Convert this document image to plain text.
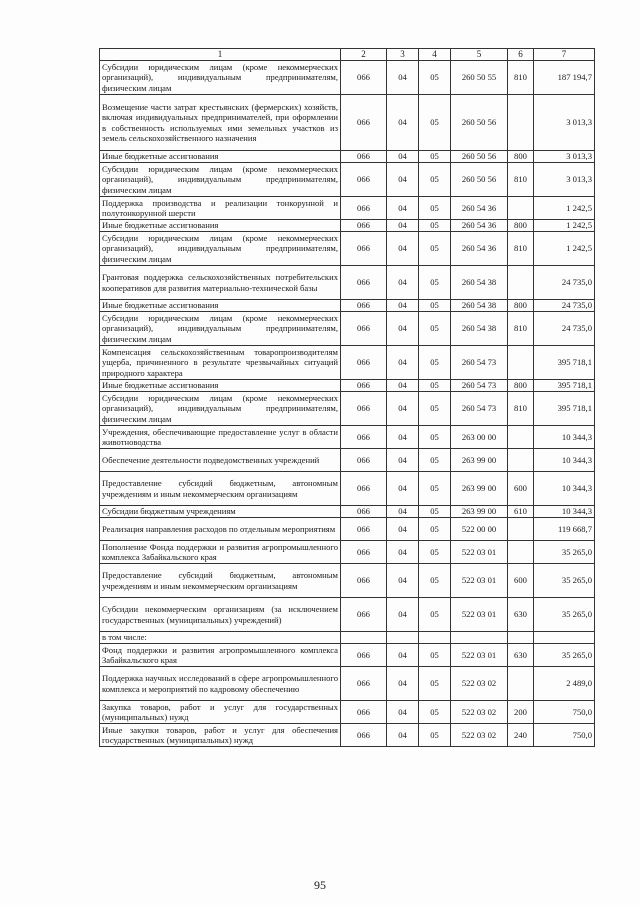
1	2	3	4	5	6	7
Субсидии юридическим лицам (кроме некоммерческих организаций), индивидуальным предпринимателям, физическим лицам	066	04	05	260 50 55	810	187 194,7
Возмещение части затрат крестьянских (фермерских) хозяйств, включая индивидуальных предпринимателей, при оформлении в собственность используемых ими земельных участков из земель сельскохозяйственного назначения	066	04	05	260 50 56		3 013,3
Иные бюджетные ассигнования	066	04	05	260 50 56	800	3 013,3
Субсидии юридическим лицам (кроме некоммерческих организаций), индивидуальным предпринимателям, физическим лицам	066	04	05	260 50 56	810	3 013,3
Поддержка производства и реализации тонкорунной и полутонкорунной шерсти	066	04	05	260 54 36		1 242,5
Иные бюджетные ассигнования	066	04	05	260 54 36	800	1 242,5
Субсидии юридическим лицам (кроме некоммерческих организаций), индивидуальным предпринимателям, физическим лицам	066	04	05	260 54 36	810	1 242,5
Грантовая поддержка сельскохозяйственных потребительских кооперативов для развития материально-технической базы	066	04	05	260 54 38		24 735,0
Иные бюджетные ассигнования	066	04	05	260 54 38	800	24 735,0
Субсидии юридическим лицам (кроме некоммерческих организаций), индивидуальным предпринимателям, физическим лицам	066	04	05	260 54 38	810	24 735,0
Компенсация сельскохозяйственным товаропроизводителям ущерба, причиненного в результате чрезвычайных ситуаций природного характера	066	04	05	260 54 73		395 718,1
Иные бюджетные ассигнования	066	04	05	260 54 73	800	395 718,1
Субсидии юридическим лицам (кроме некоммерческих организаций), индивидуальным предпринимателям, физическим лицам	066	04	05	260 54 73	810	395 718,1
Учреждения, обеспечивающие предоставление услуг в области животноводства	066	04	05	263 00 00		10 344,3
Обеспечение деятельности подведомственных учреждений	066	04	05	263 99 00		10 344,3
Предоставление субсидий бюджетным, автономным учреждениям и иным некоммерческим организациям	066	04	05	263 99 00	600	10 344,3
Субсидии бюджетным учреждениям	066	04	05	263 99 00	610	10 344,3
Реализация направления расходов по отдельным мероприятиям	066	04	05	522 00 00		119 668,7
Пополнение Фонда поддержки и развития агропромышленного комплекса Забайкальского края	066	04	05	522 03 01		35 265,0
Предоставление субсидий бюджетным, автономным учреждениям и иным некоммерческим организациям	066	04	05	522 03 01	600	35 265,0
Субсидии некоммерческим организациям (за исключением государственных (муниципальных) учреждений)	066	04	05	522 03 01	630	35 265,0
в том числе:						
Фонд поддержки и развития агропромышленного комплекса Забайкальского края	066	04	05	522 03 01	630	35 265,0
Поддержка научных исследований в сфере агропромышленного комплекса и мероприятий по кадровому обеспечению	066	04	05	522 03 02		2 489,0
Закупка товаров, работ и услуг для государственных (муниципальных) нужд	066	04	05	522 03 02	200	750,0
Иные закупки товаров, работ и услуг для обеспечения государственных (муниципальных) нужд	066	04	05	522 03 02	240	750,0
95
